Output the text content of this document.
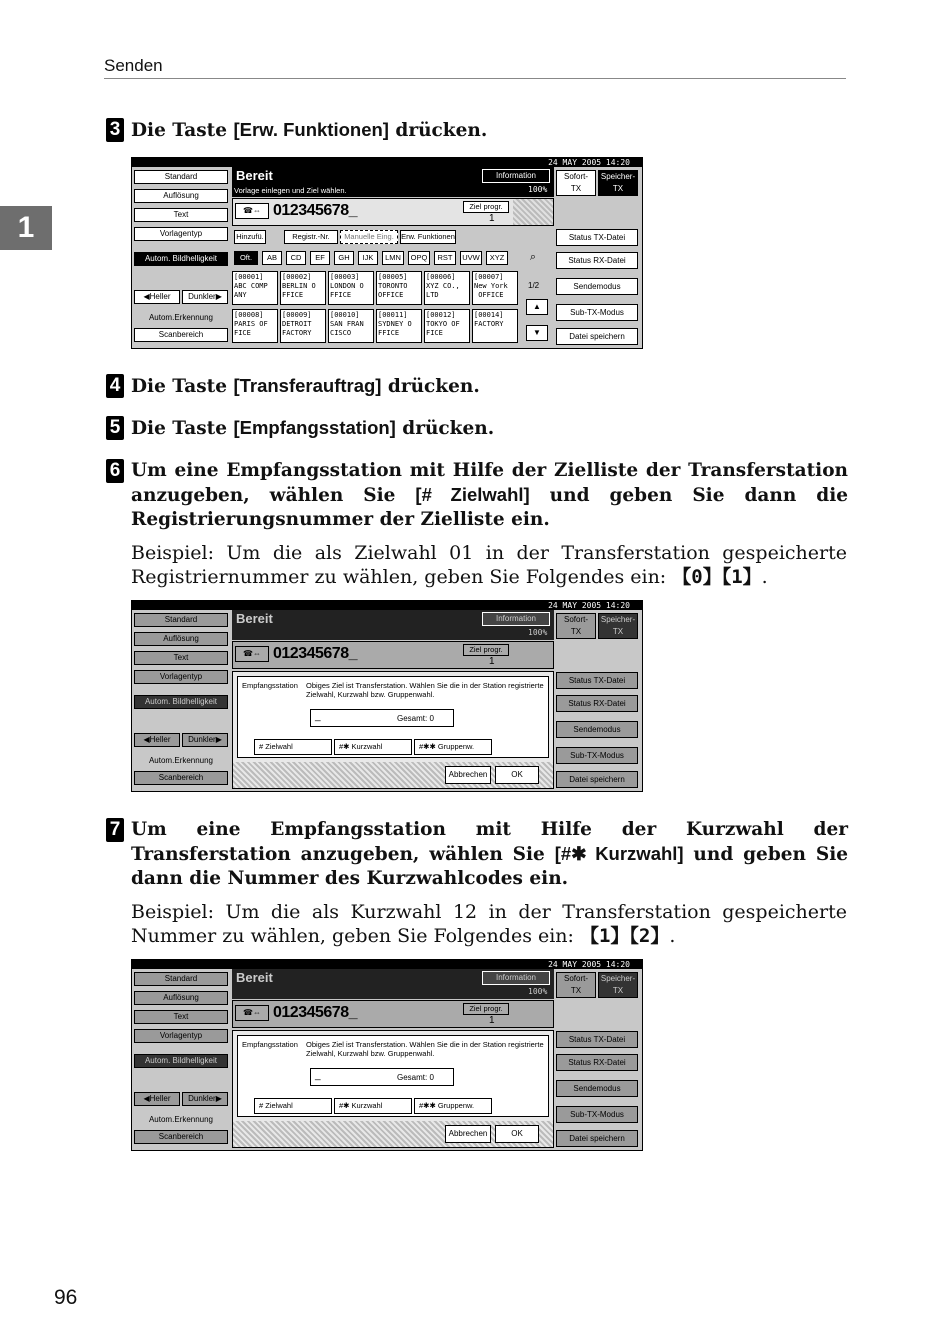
Senden
1
3 Die Taste [Erw. Funktionen] drücken.
24 MAY 2005 14:20
Standard
Auflösung
Text
Vorlagentyp
Autom. Bildhelligkeit
◀Heller	Dunkler▶
Autom.Erkennung
Scanbereich
Bereit
Vorlage einlegen und Ziel wählen.
Information
100%
Sofort-
TX
Speicher-
TX
☎⇔ 012345678_	Ziel progr.
1
Hinzufü.	Registr.-Nr.	Manuelle Eing. Erw. Funktionen	Status TX-Datei
Oft.	AB	CD	EF	GH	IJK	LMN	OPQ	RST	UVW	XYZ	⌕	Status RX-Datei
[00001]
ABC COMP
ANY
[00002]
BERLIN O
FFICE
[00003]
LONDON O
FFICE
[00005]
TORONTO
OFFICE
[00006]
XYZ CO.,
LTD
[00007]
New York
OFFICE
[00008]
PARIS OF
FICE
[00009]
DETROIT
FACTORY
[00010]
SAN FRAN
CISCO
[00011]
SYDNEY O
FFICE
[00012]
TOKYO OF
FICE
[00014]
FACTORY
1/2
▲
▼
Sendemodus
Sub-TX-Modus
Datei speichern
4 Die Taste [Transferauftrag] drücken.
5 Die Taste [Empfangsstation] drücken.
6 Um eine Empfangsstation mit Hilfe der Zielliste der Transferstation anzugeben, wählen Sie [# Zielwahl] und geben Sie dann die Registrierungsnummer der Zielliste ein.
Beispiel: Um die als Zielwahl 01 in der Transferstation gespeicherte Registriernummer zu wählen, geben Sie Folgendes ein: 【0】【1】.
24 MAY 2005 14:20
Standard
Auflösung
Text
Vorlagentyp
Autom. Bildhelligkeit
◀Heller	Dunkler▶
Autom.Erkennung
Scanbereich
Bereit	Information
100%
Sofort-
TX
Speicher-
TX
☎⇔ 012345678_	Ziel progr.
1
Empfangsstation Obiges Ziel ist Transferstation. Wählen Sie die in der Station registrierte Zielwahl, Kurzwahl bzw. Gruppenwahl.
_	Gesamt: 0
# Zielwahl	#✱ Kurzwahl	#✱✱ Gruppenw.
Abbrechen	OK
Status TX-Datei
Status RX-Datei
Sendemodus
Sub-TX-Modus
Datei speichern
7 Um eine Empfangsstation mit Hilfe der Kurzwahl der Transferstation anzugeben, wählen Sie [#✱ Kurzwahl] und geben Sie dann die Nummer des Kurzwahlcodes ein.
Beispiel: Um die als Kurzwahl 12 in der Transferstation gespeicherte Nummer zu wählen, geben Sie Folgendes ein: 【1】【2】.
24 MAY 2005 14:20
Standard
Auflösung
Text
Vorlagentyp
Autom. Bildhelligkeit
◀Heller	Dunkler▶
Autom.Erkennung
Scanbereich
Bereit	Information
100%
Sofort-
TX
Speicher-
TX
☎⇔ 012345678_	Ziel progr.
1
Empfangsstation Obiges Ziel ist Transferstation. Wählen Sie die in der Station registrierte Zielwahl, Kurzwahl bzw. Gruppenwahl.
_	Gesamt: 0
# Zielwahl	#✱ Kurzwahl	#✱✱ Gruppenw.
Abbrechen	OK
Status TX-Datei
Status RX-Datei
Sendemodus
Sub-TX-Modus
Datei speichern
96
